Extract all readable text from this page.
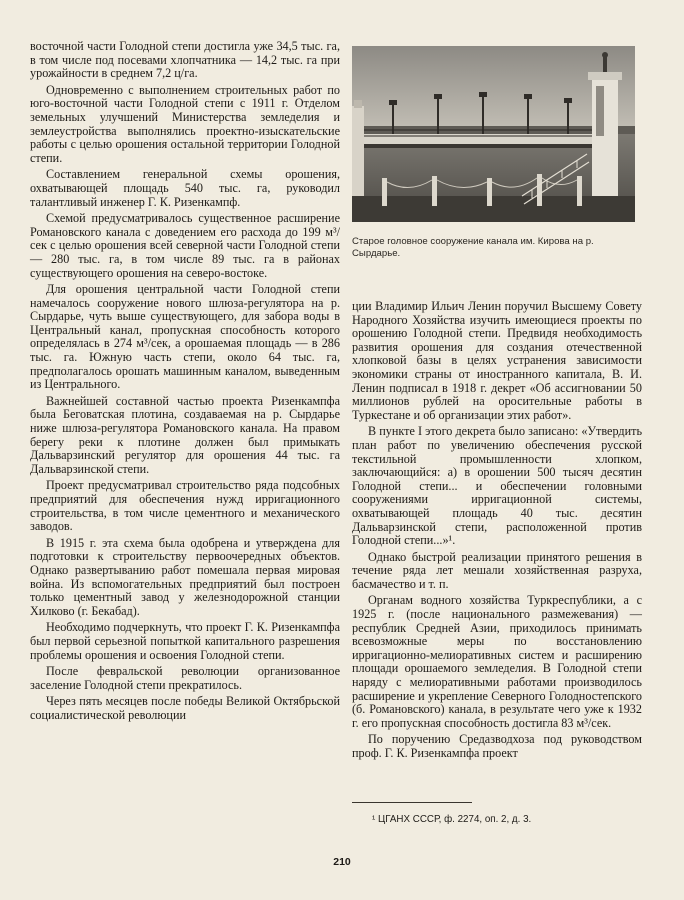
восточной части Голодной степи достигла уже 34,5 тыс. га, в том числе под посевами хлопчатника — 14,2 тыс. га при урожайности в среднем 7,2 ц/га.

Одновременно с выполнением строительных работ по юго-восточной части Голодной степи с 1911 г. Отделом земельных улучшений Министерства земледелия и землеустройства выполнялись проектно-изыскательские работы с целью орошения остальной территории Голодной степи.

Составлением генеральной схемы орошения, охватывающей площадь 540 тыс. га, руководил талантливый инженер Г. К. Ризенкампф.

Схемой предусматривалось существенное расширение Романовского канала с доведением его расхода до 199 м³/сек с целью орошения всей северной части Голодной степи — 280 тыс. га, в том числе 89 тыс. га в районах существующего орошения на северо-востоке.

Для орошения центральной части Голодной степи намечалось сооружение нового шлюза-регулятора на р. Сырдарье, чуть выше существующего, для забора воды в Центральный канал, пропускная способность которого определялась в 274 м³/сек, а орошаемая площадь — в 286 тыс. га. Южную часть степи, около 64 тыс. га, предполагалось орошать машинным каналом, выведенным из Центрального.

Важнейшей составной частью проекта Ризенкампфа была Беговатская плотина, создаваемая на р. Сырдарье ниже шлюза-регулятора Романовского канала. На правом берегу реки к плотине должен был примыкать Дальварзинский регулятор для орошения 44 тыс. га Дальварзинской степи.

Проект предусматривал строительство ряда подсобных предприятий для обеспечения нужд ирригационного строительства, в том числе цементного и механического заводов.

В 1915 г. эта схема была одобрена и утверждена для подготовки к строительству первоочередных объектов. Однако развертыванию работ помешала первая мировая война. Из вспомогательных предприятий был построен только цементный завод у железнодорожной станции Хилково (г. Бекабад).

Необходимо подчеркнуть, что проект Г. К. Ризенкампфа был первой серьезной попыткой капитального разрешения проблемы орошения и освоения Голодной степи.

После февральской революции организованное заселение Голодной степи прекратилось.

Через пять месяцев после победы Великой Октябрьской социалистической революции

Старое головное сооружение канала им. Кирова на р. Сырдарье.

ции Владимир Ильич Ленин поручил Высшему Совету Народного Хозяйства изучить имеющиеся проекты по орошению Голодной степи. Предвидя необходимость развития орошения для создания отечественной хлопковой базы в целях устранения зависимости экономики страны от иностранного капитала, В. И. Ленин подписал в 1918 г. декрет «Об ассигновании 50 миллионов рублей на оросительные работы в Туркестане и об организации этих работ».

В пункте I этого декрета было записано: «Утвердить план работ по увеличению обеспечения русской текстильной промышленности хлопком, заключающийся: а) в орошении 500 тысяч десятин Голодной степи... и обеспечении головными сооружениями ирригационной системы, охватывающей площадь 40 тыс. десятин Дальварзинской степи, расположенной против Голодной степи...»¹.

Однако быстрой реализации принятого решения в течение ряда лет мешали хозяйственная разруха, басмачество и т. п.

Органам водного хозяйства Туркреспублики, а с 1925 г. (после национального размежевания) — республик Средней Азии, приходилось принимать всевозможные меры по восстановлению ирригационно-мелиоративных систем и расширению площади орошаемого земледелия. В Голодной степи наряду с мелиоративными работами производилось расширение и укрепление Северного Голодностепского (б. Романовского) канала, в результате чего уже к 1932 г. его пропускная способность достигла 83 м³/сек.

По поручению Средазводхоза под руководством проф. Г. К. Ризенкампфа проект

¹ ЦГАНХ СССР, ф. 2274, оп. 2, д. 3.
210
